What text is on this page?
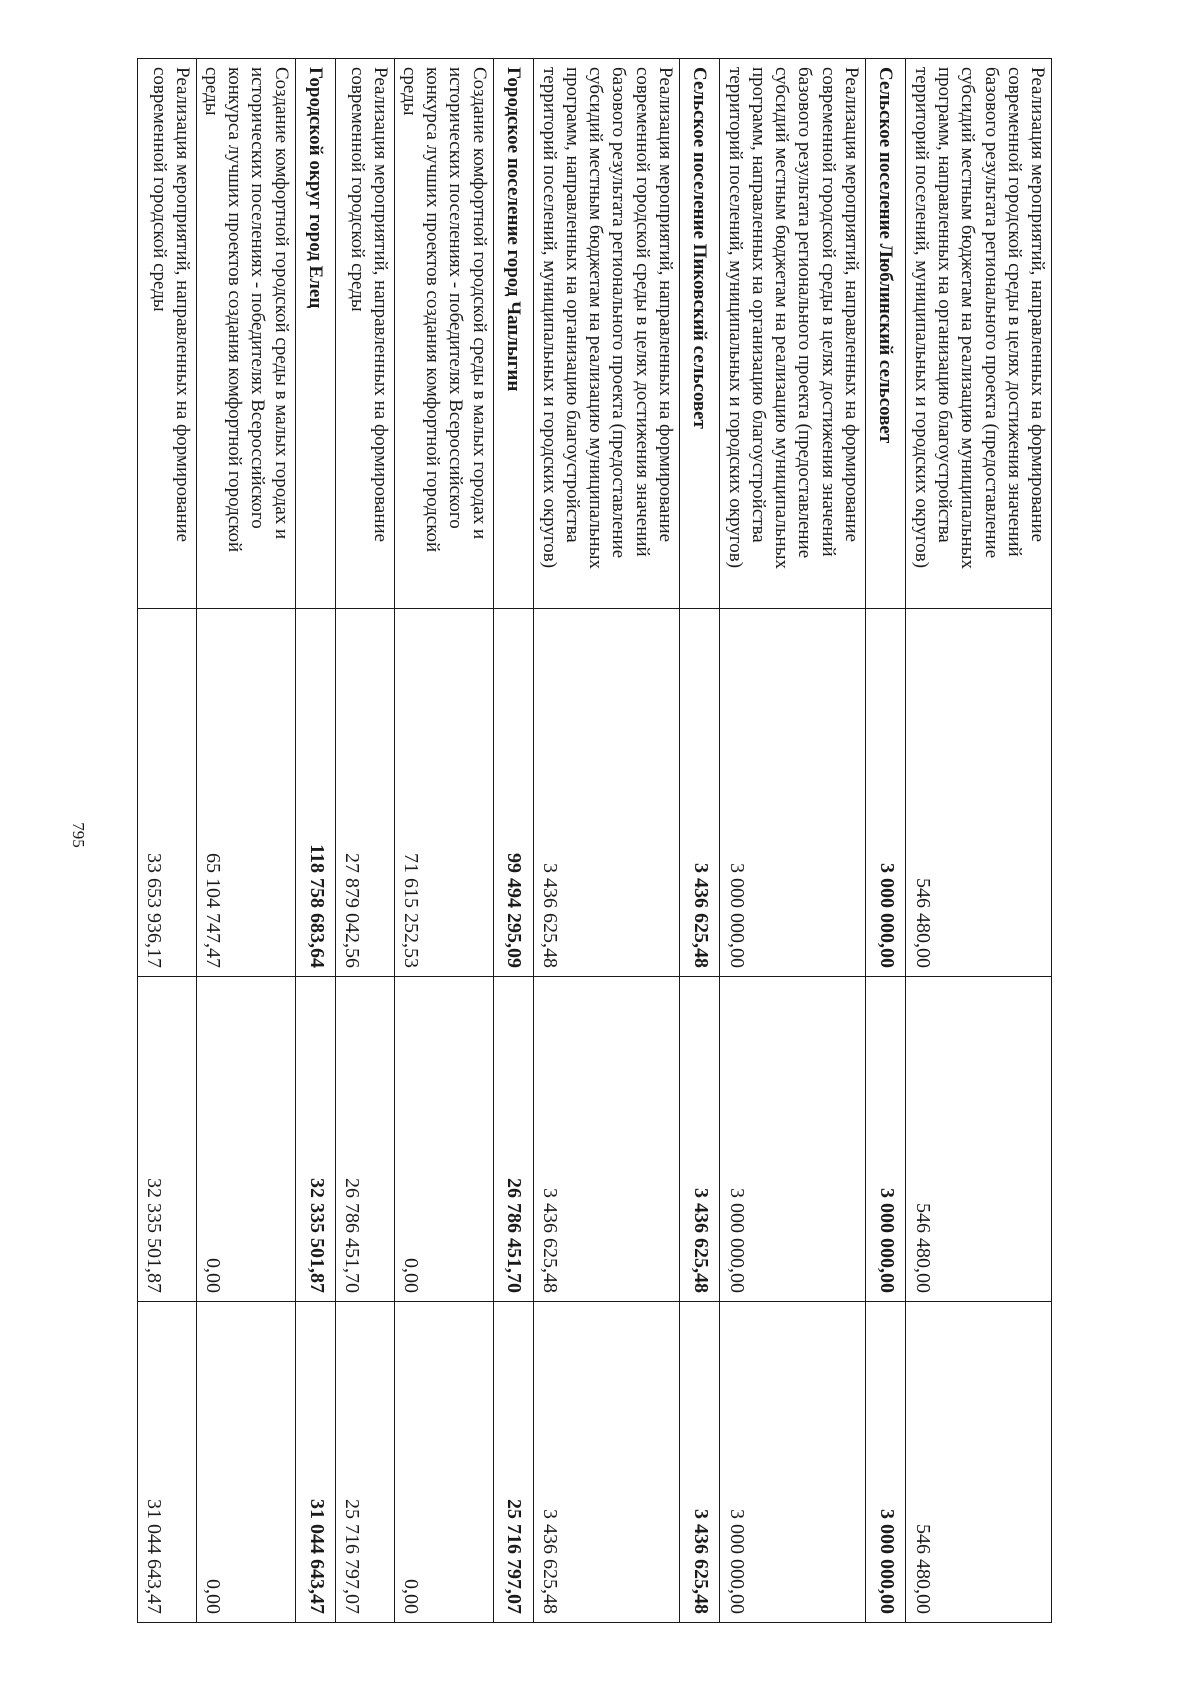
795
Реализация мероприятий, направленных на формирование современной городской среды в целях достижения значений базового результата регионального проекта (предоставление субсидий местным бюджетам на реализацию муниципальных программ, направленных на организацию благоустройства территорий поселений, муниципальных и городских округов)	546 480,00	546 480,00	546 480,00
Сельское поселение Люблинский сельсовет	3 000 000,00	3 000 000,00	3 000 000,00
Реализация мероприятий, направленных на формирование современной городской среды в целях достижения значений базового результата регионального проекта (предоставление субсидий местным бюджетам на реализацию муниципальных программ, направленных на организацию благоустройства территорий поселений, муниципальных и городских округов)	3 000 000,00	3 000 000,00	3 000 000,00
Сельское поселение Пиковский сельсовет	3 436 625,48	3 436 625,48	3 436 625,48
Реализация мероприятий, направленных на формирование современной городской среды в целях достижения значений базового результата регионального проекта (предоставление субсидий местным бюджетам на реализацию муниципальных программ, направленных на организацию благоустройства территорий поселений, муниципальных и городских округов)	3 436 625,48	3 436 625,48	3 436 625,48
Городское поселение город Чаплыгин	99 494 295,09	26 786 451,70	25 716 797,07
Создание комфортной городской среды в малых городах и исторических поселениях - победителях Всероссийского конкурса лучших проектов создания комфортной городской среды	71 615 252,53	0,00	0,00
Реализация мероприятий, направленных на формирование современной городской среды	27 879 042,56	26 786 451,70	25 716 797,07
Городской округ город Елец	118 758 683,64	32 335 501,87	31 044 643,47
Создание комфортной городской среды в малых городах и исторических поселениях - победителях Всероссийского конкурса лучших проектов создания комфортной городской среды	65 104 747,47	0,00	0,00
Реализация мероприятий, направленных на формирование современной городской среды	33 653 936,17	32 335 501,87	31 044 643,47
